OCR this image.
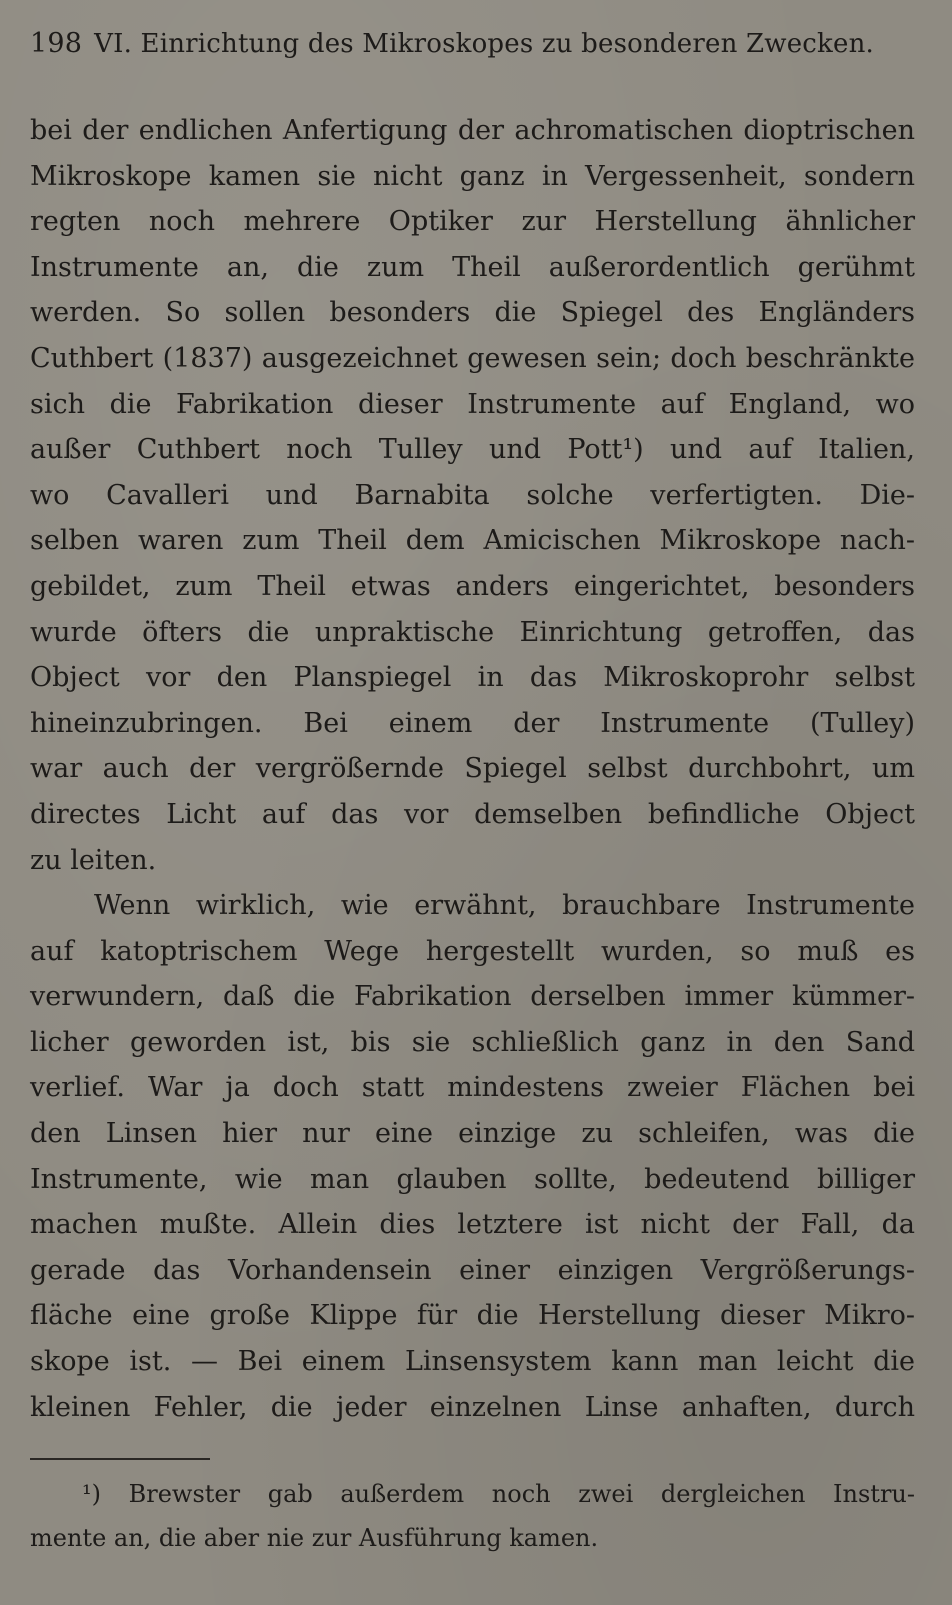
198 VI. Einrichtung des Mikroskopes zu besonderen Zwecken.
bei der endlichen Anfertigung der achromatischen dioptrischen
Mikroskope kamen sie nicht ganz in Vergessenheit, sondern
regten noch mehrere Optiker zur Herstellung ähnlicher
Instrumente an, die zum Theil außerordentlich gerühmt
werden. So sollen besonders die Spiegel des Engländers
Cuthbert (1837) ausgezeichnet gewesen sein; doch beschränkte
sich die Fabrikation dieser Instrumente auf England, wo
außer Cuthbert noch Tulley und Pott¹) und auf Italien,
wo Cavalleri und Barnabita solche verfertigten. Die-
selben waren zum Theil dem Amicischen Mikroskope nach-
gebildet, zum Theil etwas anders eingerichtet, besonders
wurde öfters die unpraktische Einrichtung getroffen, das
Object vor den Planspiegel in das Mikroskoprohr selbst
hineinzubringen. Bei einem der Instrumente (Tulley)
war auch der vergrößernde Spiegel selbst durchbohrt, um
directes Licht auf das vor demselben befindliche Object
zu leiten.
Wenn wirklich, wie erwähnt, brauchbare Instrumente
auf katoptrischem Wege hergestellt wurden, so muß es
verwundern, daß die Fabrikation derselben immer kümmer-
licher geworden ist, bis sie schließlich ganz in den Sand
verlief. War ja doch statt mindestens zweier Flächen bei
den Linsen hier nur eine einzige zu schleifen, was die
Instrumente, wie man glauben sollte, bedeutend billiger
machen mußte. Allein dies letztere ist nicht der Fall, da
gerade das Vorhandensein einer einzigen Vergrößerungs-
fläche eine große Klippe für die Herstellung dieser Mikro-
skope ist. — Bei einem Linsensystem kann man leicht die
kleinen Fehler, die jeder einzelnen Linse anhaften, durch
¹) Brewster gab außerdem noch zwei dergleichen Instru-
mente an, die aber nie zur Ausführung kamen.
